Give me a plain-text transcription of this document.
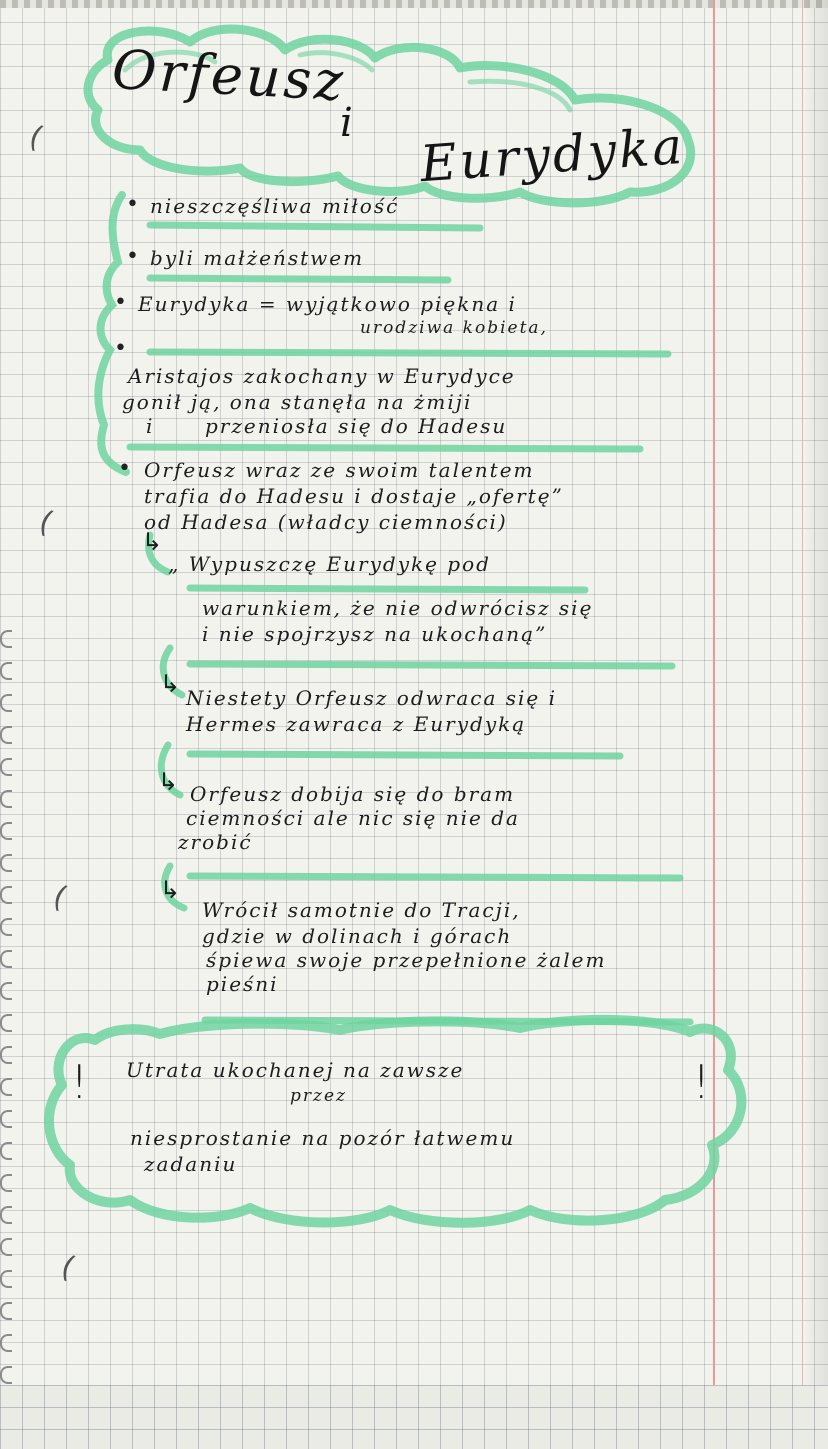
(
(
(
(
Orfeusz
i Eurydyka
• nieszczęśliwa miłość
• byli małżeństwem
• Eurydyka = wyjątkowo piękna i
urodziwa kobieta,
•
Aristajos zakochany w Eurydyce
gonił ją, ona stanęła na żmiji
i	przeniosła się do Hadesu
• Orfeusz wraz ze swoim talentem
trafia do Hadesu i dostaje „ofertę”
od Hadesa (władcy ciemności)
↳
„ Wypuszczę Eurydykę pod
warunkiem, że nie odwrócisz się
i nie spojrzysz na ukochaną”
↳ Niestety Orfeusz odwraca się i
Hermes zawraca z Eurydyką
↳ Orfeusz dobija się do bram
ciemności ale nic się nie da
zrobić
↳
Wrócił samotnie do Tracji,
gdzie w dolinach i górach
śpiewa swoje przepełnione żalem
pieśni
!	!
Utrata ukochanej na zawsze
przez
niesprostanie na pozór łatwemu
zadaniu
